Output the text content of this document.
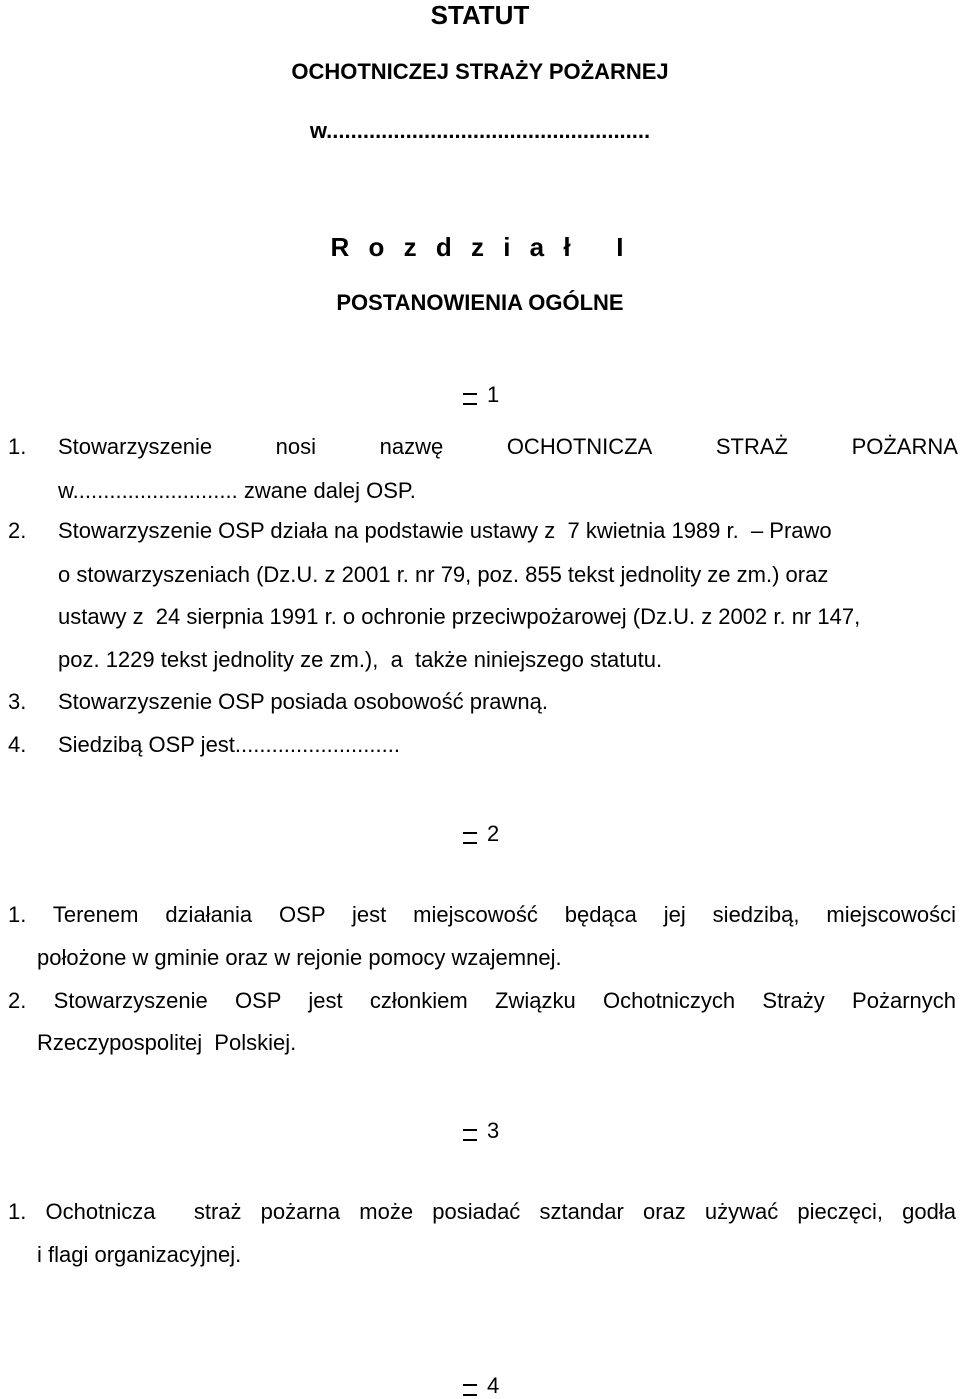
STATUT
OCHOTNICZEJ STRAŻY POŻARNEJ
w.....................................................
R o z d z i a ł   I
POSTANOWIENIA OGÓLNE
1
1. Stowarzyszenie	nosi	nazwę	OCHOTNICZA	STRAŻ	POŻARNA
w........................... zwane dalej OSP.
2. Stowarzyszenie OSP działa na podstawie ustawy z  7 kwietnia 1989 r.  – Prawo
o stowarzyszeniach (Dz.U. z 2001 r. nr 79, poz. 855 tekst jednolity ze zm.) oraz
ustawy z  24 sierpnia 1991 r. o ochronie przeciwpożarowej (Dz.U. z 2002 r. nr 147,
poz. 1229 tekst jednolity ze zm.),  a  także niniejszego statutu.
3. Stowarzyszenie OSP posiada osobowość prawną.
4. Siedzibą OSP jest...........................
2
1. Terenem działania OSP jest miejscowość będąca jej siedzibą, miejscowości
położone w gminie oraz w rejonie pomocy wzajemnej.
2. Stowarzyszenie OSP jest członkiem Związku Ochotniczych Straży Pożarnych
Rzeczypospolitej  Polskiej.
3
1. Ochotnicza  straż pożarna może posiadać sztandar oraz używać pieczęci, godła
i flagi organizacyjnej.
4
